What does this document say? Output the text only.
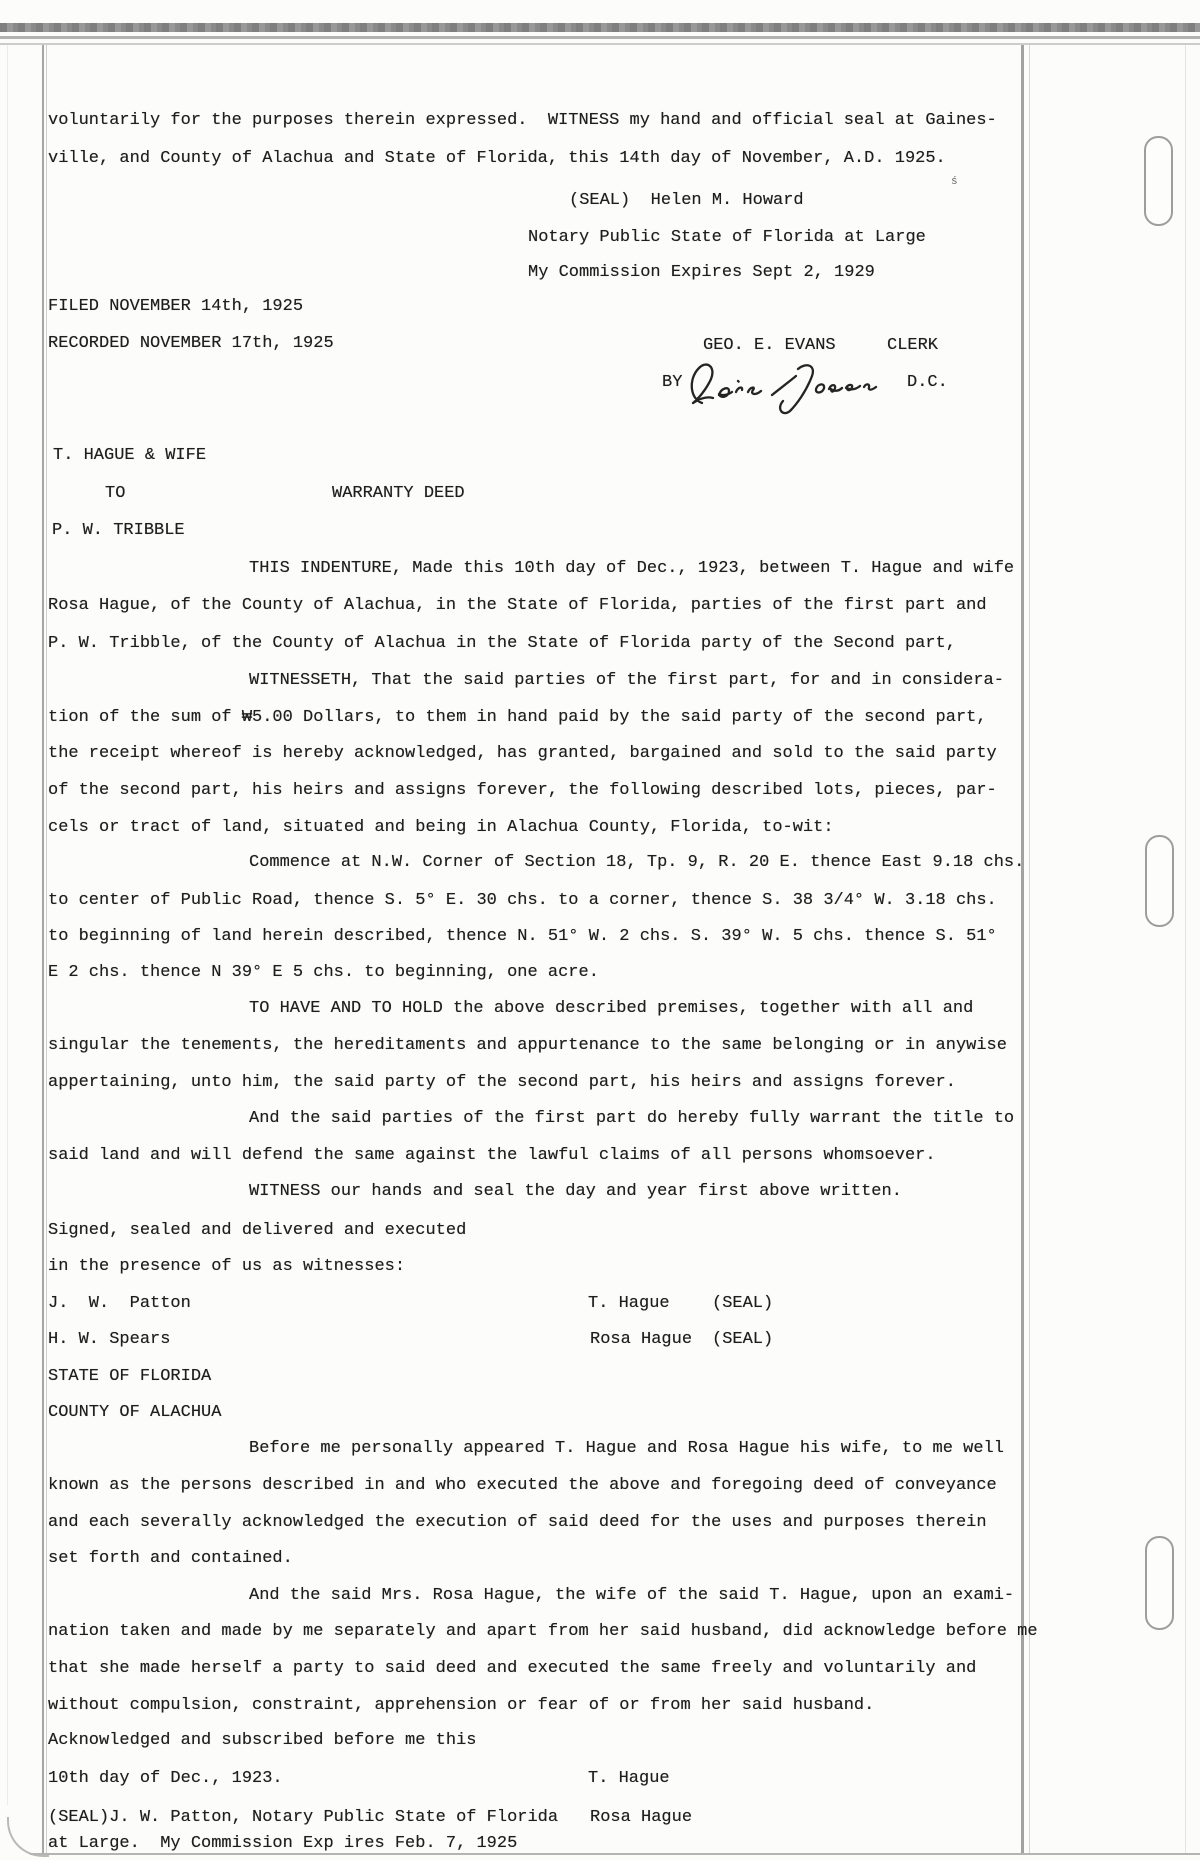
voluntarily for the purposes therein expressed.  WITNESS my hand and official seal at Gaines-
ville, and County of Alachua and State of Florida, this 14th day of November, A.D. 1925.
ś
(SEAL)  Helen M. Howard
Notary Public State of Florida at Large
My Commission Expires Sept 2, 1929
FILED NOVEMBER 14th, 1925
RECORDED NOVEMBER 17th, 1925	GEO. E. EVANS	CLERK
BY	D.C.
T. HAGUE & WIFE
TO	WARRANTY DEED
P. W. TRIBBLE
THIS INDENTURE, Made this 10th day of Dec., 1923, between T. Hague and wife
Rosa Hague, of the County of Alachua, in the State of Florida, parties of the first part and
P. W. Tribble, of the County of Alachua in the State of Florida party of the Second part,
WITNESSETH, That the said parties of the first part, for and in considera-
tion of the sum of ₩5.00 Dollars, to them in hand paid by the said party of the second part,
the receipt whereof is hereby acknowledged, has granted, bargained and sold to the said party
of the second part, his heirs and assigns forever, the following described lots, pieces, par-
cels or tract of land, situated and being in Alachua County, Florida, to-wit:
Commence at N.W. Corner of Section 18, Tp. 9, R. 20 E. thence East 9.18 chs.
to center of Public Road, thence S. 5° E. 30 chs. to a corner, thence S. 38 3/4° W. 3.18 chs.
to beginning of land herein described, thence N. 51° W. 2 chs. S. 39° W. 5 chs. thence S. 51°
E 2 chs. thence N 39° E 5 chs. to beginning, one acre.
TO HAVE AND TO HOLD the above described premises, together with all and
singular the tenements, the hereditaments and appurtenance to the same belonging or in anywise
appertaining, unto him, the said party of the second part, his heirs and assigns forever.
And the said parties of the first part do hereby fully warrant the title to
said land and will defend the same against the lawful claims of all persons whomsoever.
WITNESS our hands and seal the day and year first above written.
Signed, sealed and delivered and executed
in the presence of us as witnesses:
J.  W.  Patton	T. Hague (SEAL)
H. W. Spears	Rosa Hague (SEAL)
STATE OF FLORIDA
COUNTY OF ALACHUA
Before me personally appeared T. Hague and Rosa Hague his wife, to me well
known as the persons described in and who executed the above and foregoing deed of conveyance
and each severally acknowledged the execution of said deed for the uses and purposes therein
set forth and contained.
And the said Mrs. Rosa Hague, the wife of the said T. Hague, upon an exami-
nation taken and made by me separately and apart from her said husband, did acknowledge before me
that she made herself a party to said deed and executed the same freely and voluntarily and
without compulsion, constraint, apprehension or fear of or from her said husband.
Acknowledged and subscribed before me this
10th day of Dec., 1923.	T. Hague
(SEAL)J. W. Patton, Notary Public State of Florida Rosa Hague
at Large.  My Commission Exp ires Feb. 7, 1925
